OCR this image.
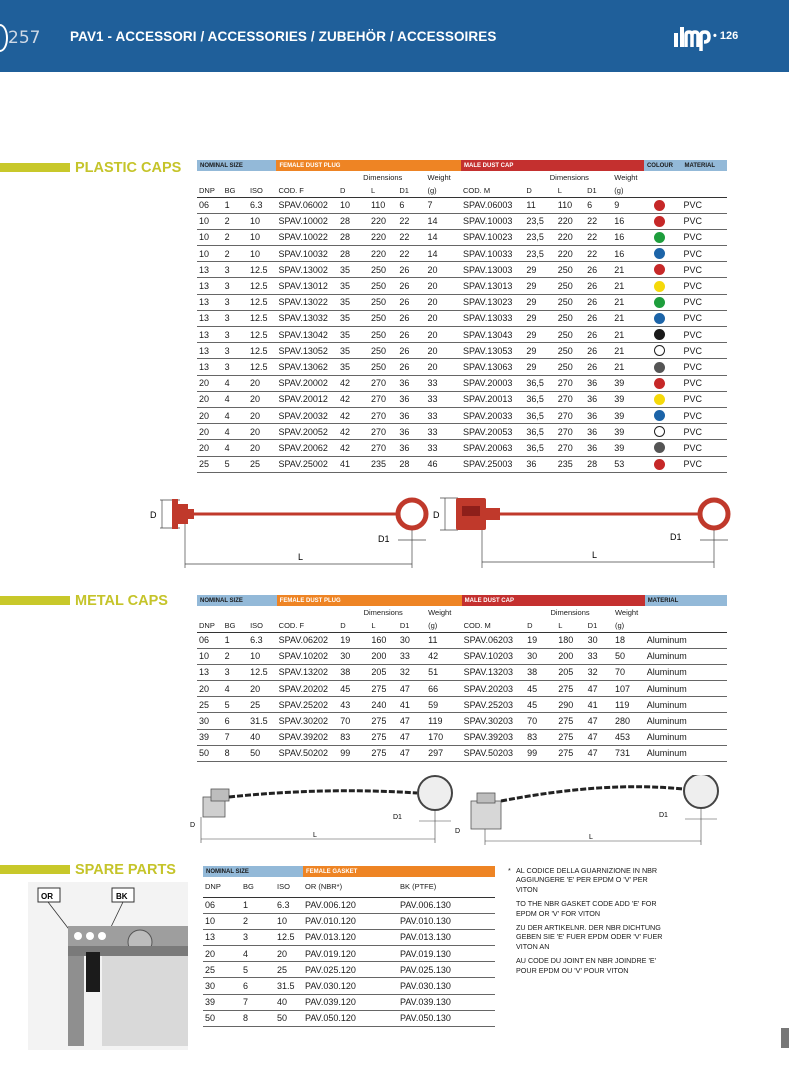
257 PAV1 - ACCESSORI / ACCESSORIES / ZUBEHÖR / ACCESSOIRES	• 126
PLASTIC CAPS	NOMINAL SIZE			FEMALE DUST PLUG					MALE DUST CAP					COLOUR	MATERIAL
				Dimensions			Weight		Dimensions			Weight		
DNP	BG	ISO	COD. F	D	L	D1	(g)	COD. M	D	L	D1	(g)		
06	1	6.3	SPAV.06002	10	110	6	7	SPAV.06003	11	110	6	9		PVC
10	2	10	SPAV.10002	28	220	22	14	SPAV.10003	23,5	220	22	16		PVC
10	2	10	SPAV.10022	28	220	22	14	SPAV.10023	23,5	220	22	16		PVC
10	2	10	SPAV.10032	28	220	22	14	SPAV.10033	23,5	220	22	16		PVC
13	3	12.5	SPAV.13002	35	250	26	20	SPAV.13003	29	250	26	21		PVC
13	3	12.5	SPAV.13012	35	250	26	20	SPAV.13013	29	250	26	21		PVC
13	3	12.5	SPAV.13022	35	250	26	20	SPAV.13023	29	250	26	21		PVC
13	3	12.5	SPAV.13032	35	250	26	20	SPAV.13033	29	250	26	21		PVC
13	3	12.5	SPAV.13042	35	250	26	20	SPAV.13043	29	250	26	21		PVC
13	3	12.5	SPAV.13052	35	250	26	20	SPAV.13053	29	250	26	21		PVC
13	3	12.5	SPAV.13062	35	250	26	20	SPAV.13063	29	250	26	21		PVC
20	4	20	SPAV.20002	42	270	36	33	SPAV.20003	36,5	270	36	39		PVC
20	4	20	SPAV.20012	42	270	36	33	SPAV.20013	36,5	270	36	39		PVC
20	4	20	SPAV.20032	42	270	36	33	SPAV.20033	36,5	270	36	39		PVC
20	4	20	SPAV.20052	42	270	36	33	SPAV.20053	36,5	270	36	39		PVC
20	4	20	SPAV.20062	42	270	36	33	SPAV.20063	36,5	270	36	39		PVC
25	5	25	SPAV.25002	41	235	28	46	SPAV.25003	36	235	28	53		PVC
D
D1
L
D
D1
L
METAL CAPS	NOMINAL SIZE			FEMALE DUST PLUG					MALE DUST CAP					MATERIAL
				Dimensions			Weight		Dimensions			Weight	
DNP	BG	ISO	COD. F	D	L	D1	(g)	COD. M	D	L	D1	(g)	
06	1	6.3	SPAV.06202	19	160	30	11	SPAV.06203	19	180	30	18	Aluminum
10	2	10	SPAV.10202	30	200	33	42	SPAV.10203	30	200	33	50	Aluminum
13	3	12.5	SPAV.13202	38	205	32	51	SPAV.13203	38	205	32	70	Aluminum
20	4	20	SPAV.20202	45	275	47	66	SPAV.20203	45	275	47	107	Aluminum
25	5	25	SPAV.25202	43	240	41	59	SPAV.25203	45	290	41	119	Aluminum
30	6	31.5	SPAV.30202	70	275	47	119	SPAV.30203	70	275	47	280	Aluminum
39	7	40	SPAV.39202	83	275	47	170	SPAV.39203	83	275	47	453	Aluminum
50	8	50	SPAV.50202	99	275	47	297	SPAV.50203	99	275	47	731	Aluminum
D
D1
L
D
D1
L
SPARE PARTS
OR	BK
NOMINAL SIZE			FEMALE GASKET	
DNP	BG	ISO	OR (NBR*)	BK (PTFE)
06	1	6.3	PAV.006.120	PAV.006.130
10	2	10	PAV.010.120	PAV.010.130
13	3	12.5	PAV.013.120	PAV.013.130
20	4	20	PAV.019.120	PAV.019.130
25	5	25	PAV.025.120	PAV.025.130
30	6	31.5	PAV.030.120	PAV.030.130
39	7	40	PAV.039.120	PAV.039.130
50	8	50	PAV.050.120	PAV.050.130
* AL CODICE DELLA GUARNIZIONE IN NBR AGGIUNGERE 'E' PER EPDM O 'V' PER VITON

TO THE NBR GASKET CODE ADD 'E' FOR EPDM OR 'V' FOR VITON

ZU DER ARTIKELNR. DER NBR DICHTUNG GEBEN SIE 'E' FUER EPDM ODER 'V' FUER VITON AN

AU CODE DU JOINT EN NBR JOINDRE 'E' POUR EPDM OU 'V' POUR VITON
